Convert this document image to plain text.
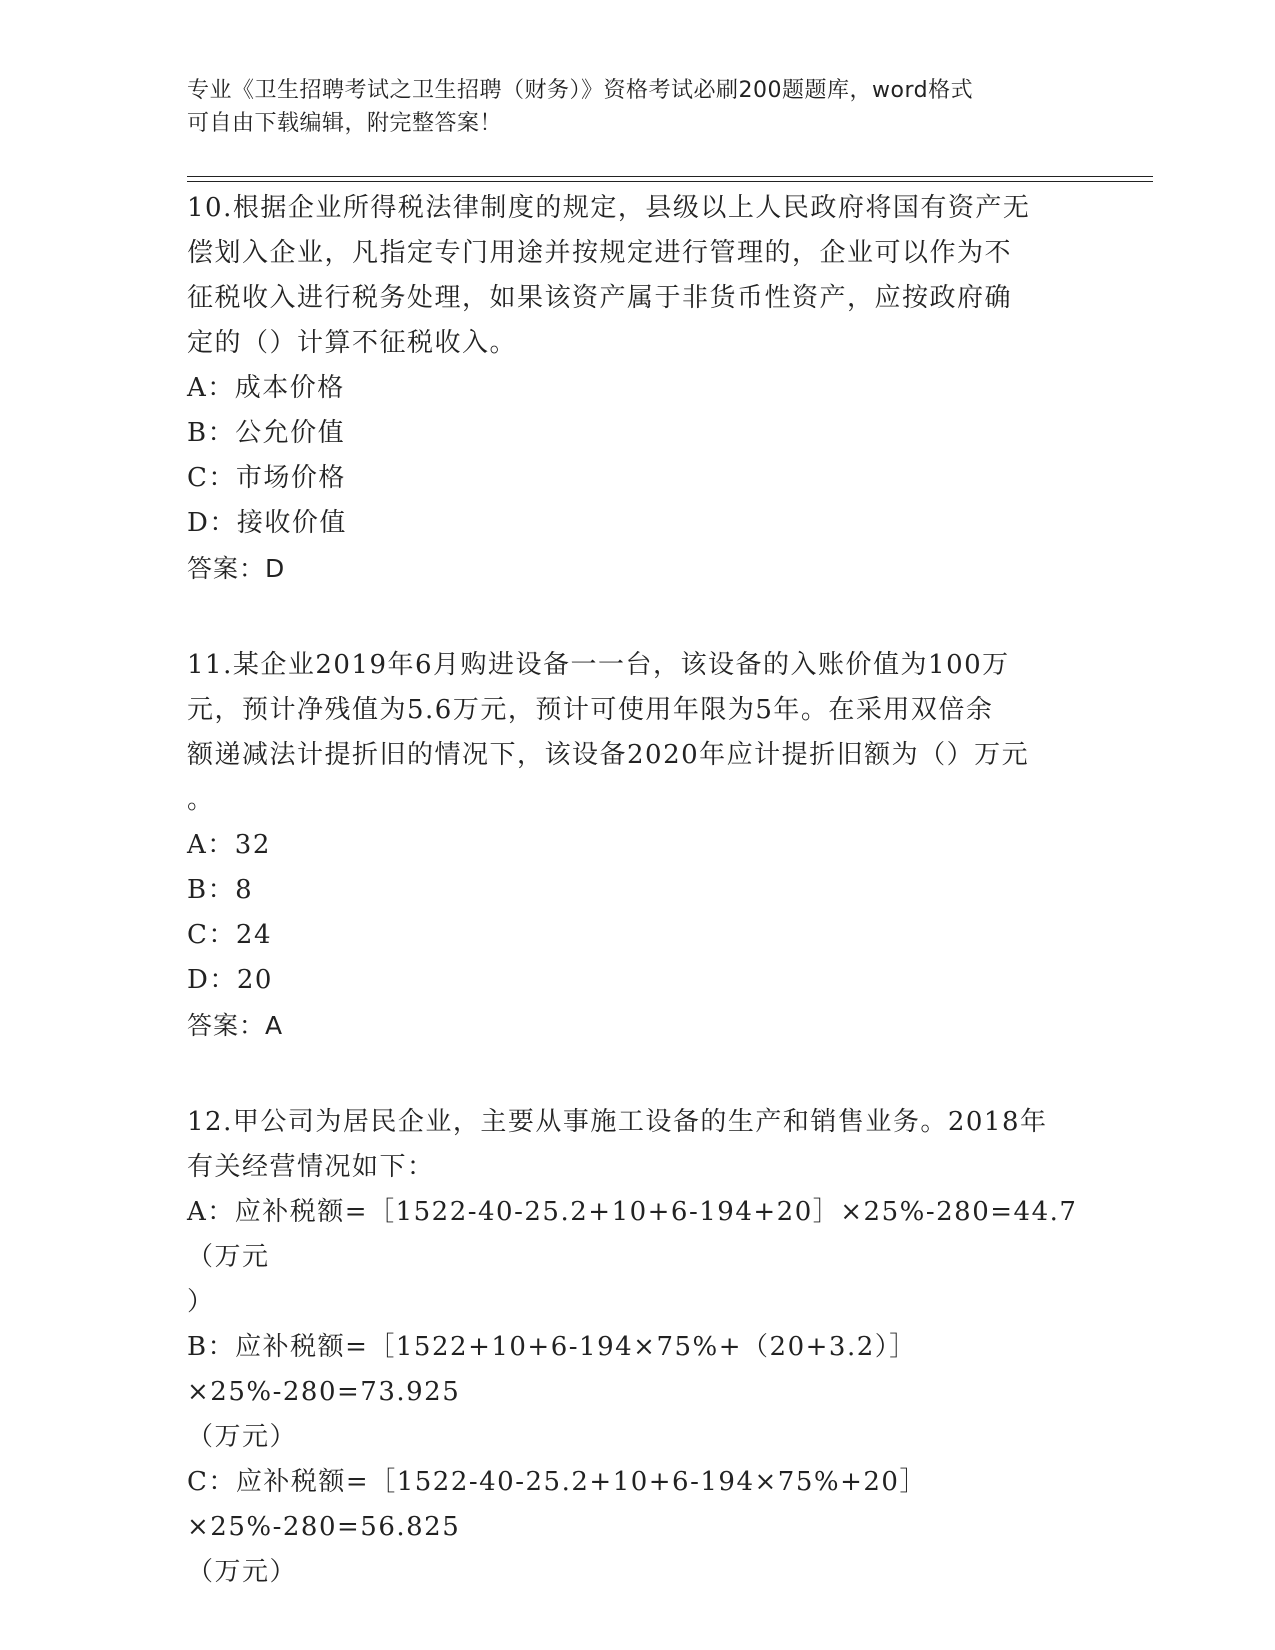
专业《卫生招聘考试之卫生招聘（财务）》资格考试必刷200题题库，word格式
可自由下载编辑，附完整答案！

10.根据企业所得税法律制度的规定，县级以上人民政府将国有资产无

偿划入企业，凡指定专门用途并按规定进行管理的，企业可以作为不

征税收入进行税务处理，如果该资产属于非货币性资产，应按政府确

定的（）计算不征税收入。

A：成本价格

B：公允价值

C：市场价格

D：接收价值

答案：D

11.某企业2019年6月购进设备一一台，该设备的入账价值为100万

元，预计净残值为5.6万元，预计可使用年限为5年。在采用双倍余

额递减法计提折旧的情况下，该设备2020年应计提折旧额为（）万元

。

A：32

B：8

C：24

D：20

答案：A

12.甲公司为居民企业，主要从事施工设备的生产和销售业务。2018年

有关经营情况如下：

A：应补税额=［1522-40-25.2+10+6-194+20］×25%-280=44.7（万元

）

B：应补税额=［1522+10+6-194×75%+（20+3.2）］×25%-280=73.925

（万元）

C：应补税额=［1522-40-25.2+10+6-194×75%+20］×25%-280=56.825

（万元）
